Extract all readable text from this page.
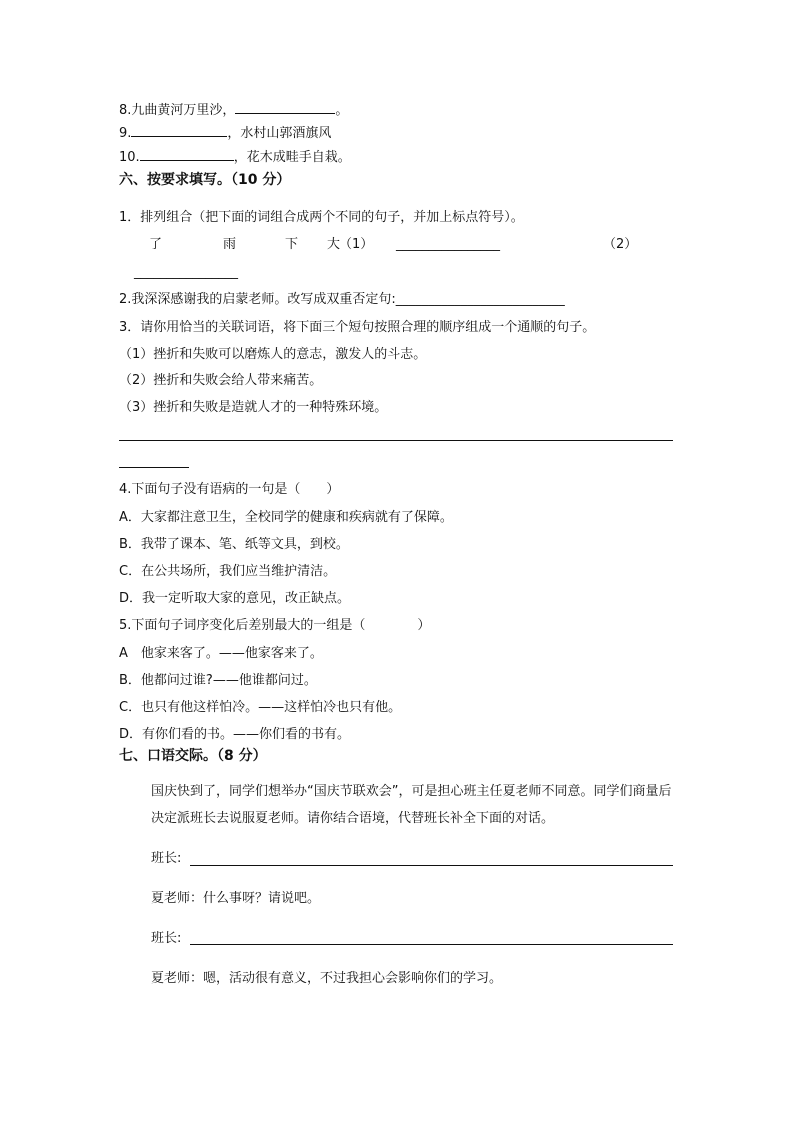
8.九曲黄河万里沙，	。
9.	，水村山郭酒旗风
10.	，花木成畦手自栽。
六、按要求填写。（10 分）
1．排列组合（把下面的词组合成两个不同的句子，并加上标点符号）。
了	雨	下 大
（1） ________________	（2）
________________
2.我深深感谢我的启蒙老师。改写成双重否定句:__________________________
3．请你用恰当的关联词语，将下面三个短句按照合理的顺序组成一个通顺的句子。
（1）挫折和失败可以磨炼人的意志，激发人的斗志。
（2）挫折和失败会给人带来痛苦。
（3）挫折和失败是造就人才的一种特殊环境。
4.下面句子没有语病的一句是（　　）
A．大家都注意卫生，全校同学的健康和疾病就有了保障。
B．我带了课本、笔、纸等文具，到校。
C．在公共场所，我们应当维护清洁。
D．我一定听取大家的意见，改正缺点。
5.下面句子词序变化后差别最大的一组是（　　　　）
A　他家来客了。——他家客来了。
B．他都问过谁?——他谁都问过。
C．也只有他这样怕冷。——这样怕冷也只有他。
D．有你们看的书。——你们看的书有。
七、口语交际。（8 分）
国庆快到了，同学们想举办“国庆节联欢会”，可是担心班主任夏老师不同意。同学们商量后决定派班长去说服夏老师。请你结合语境，代替班长补全下面的对话。
班长:
夏老师：什么事呀？请说吧。
班长:
夏老师：嗯，活动很有意义，不过我担心会影响你们的学习。
